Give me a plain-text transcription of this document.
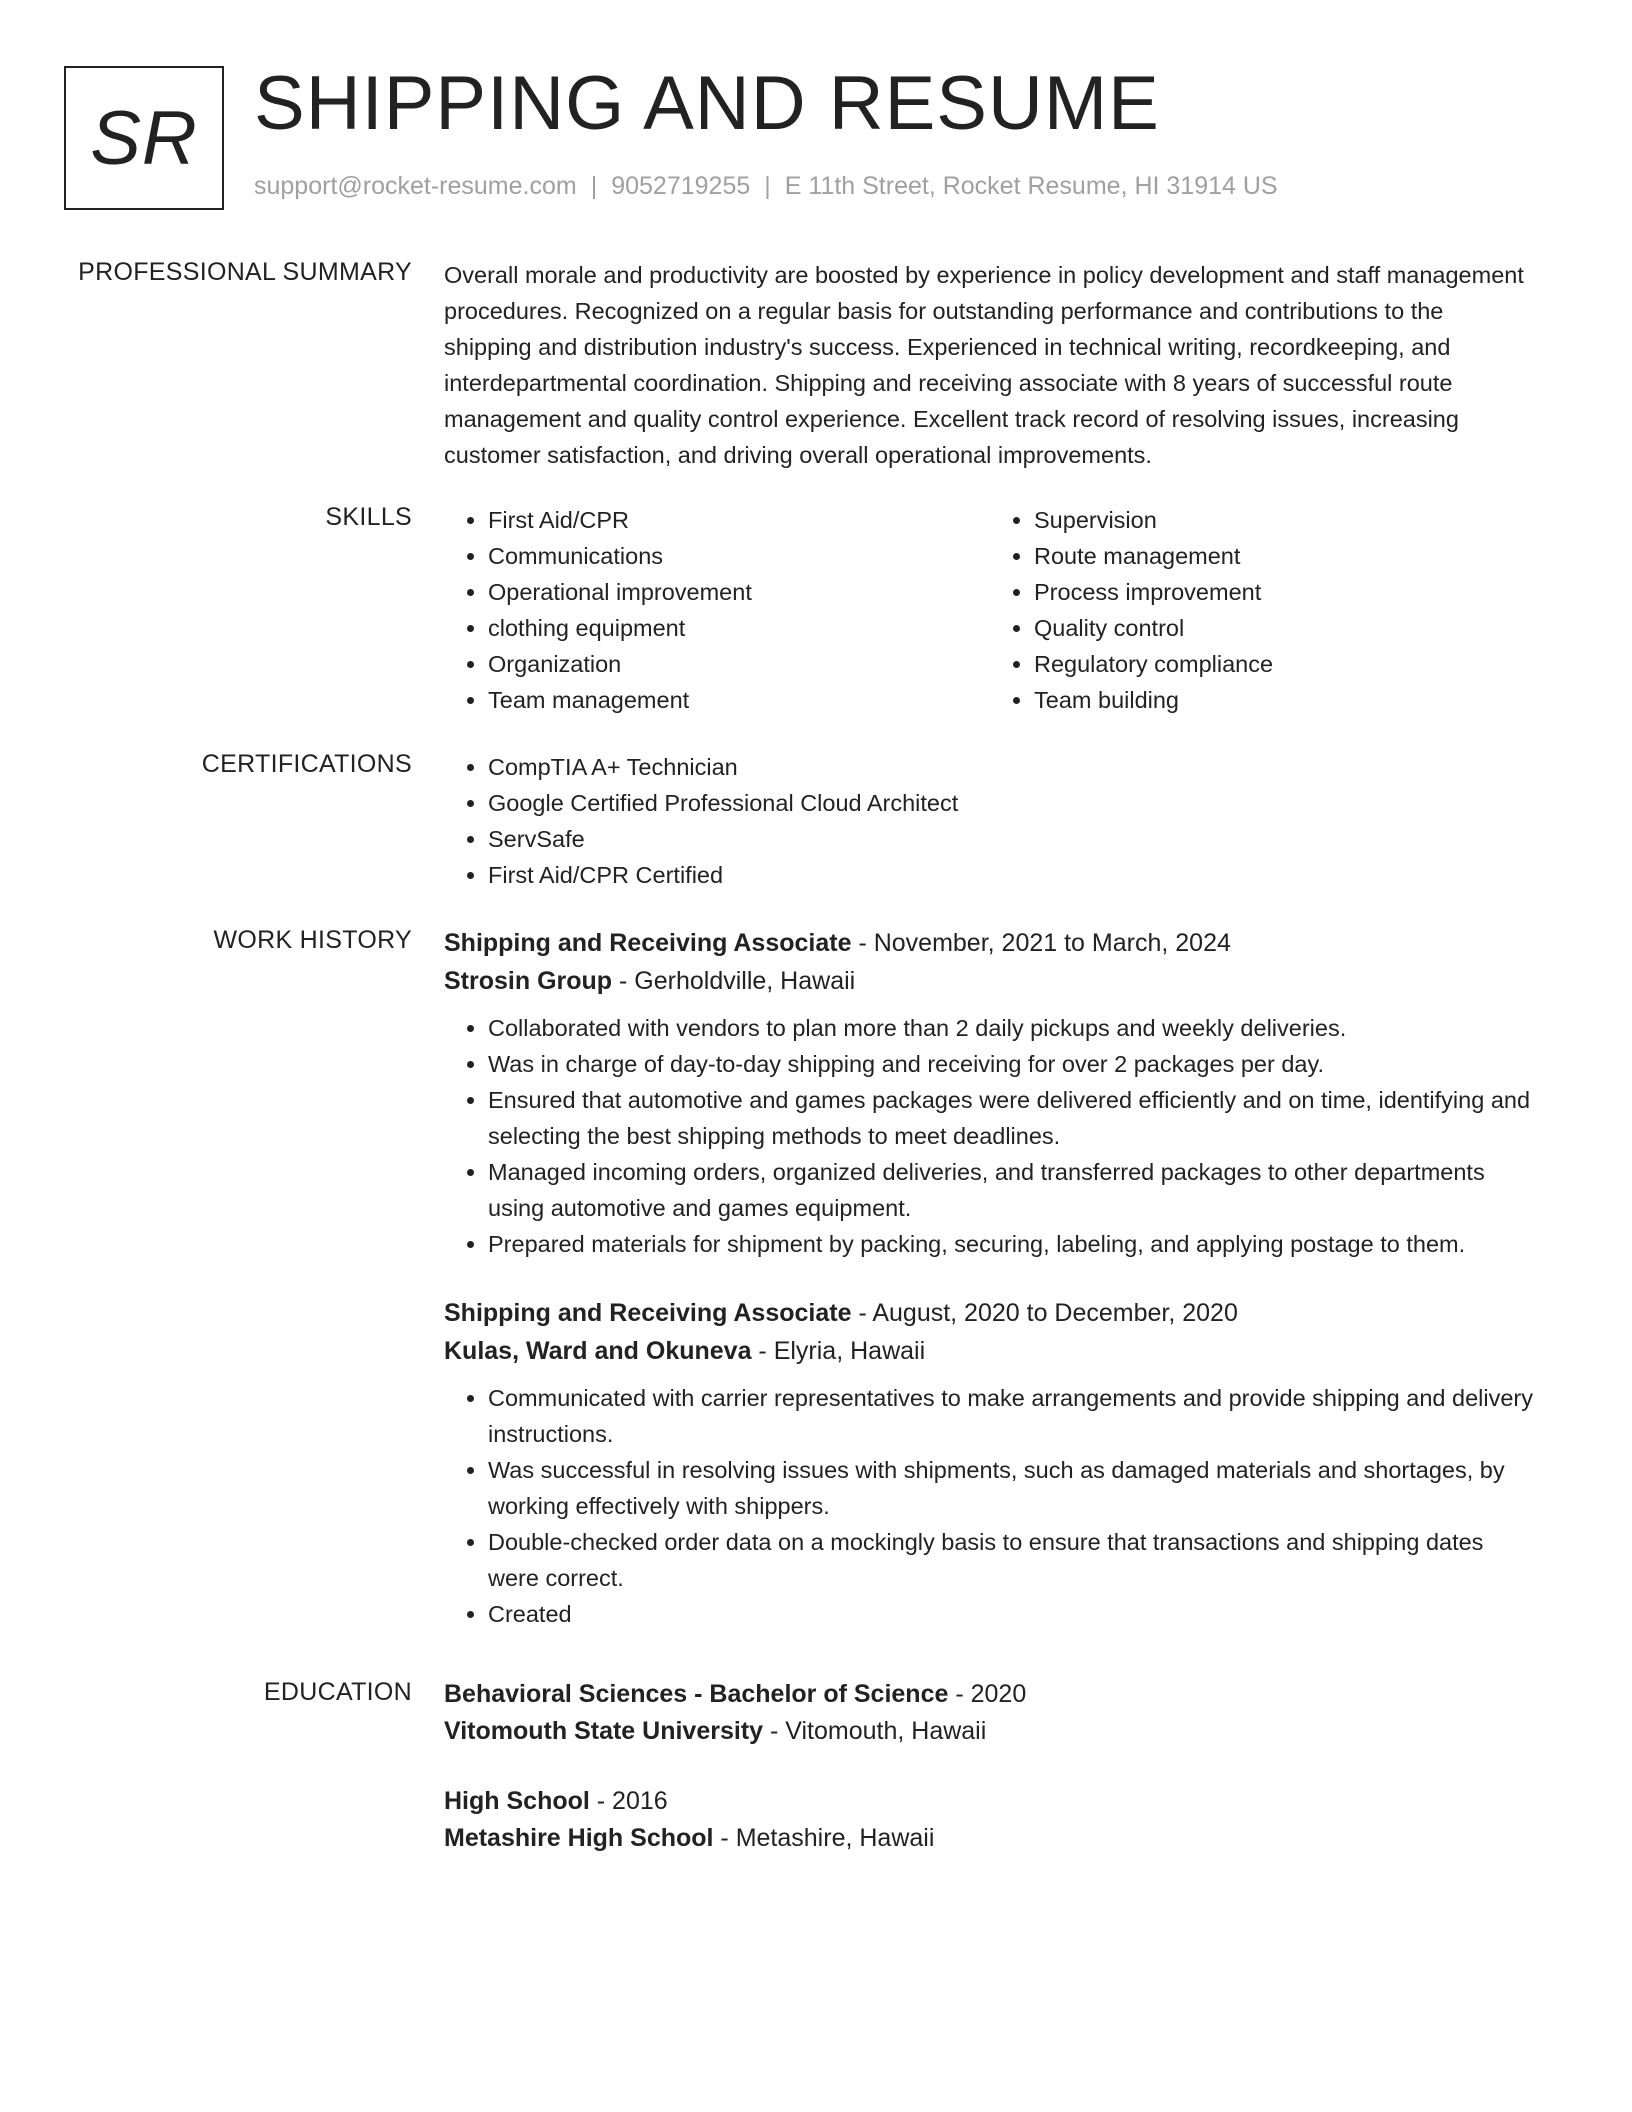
SR SHIPPING AND RESUME
support@rocket-resume.com | 9052719255 | E 11th Street, Rocket Resume, HI 31914 US
PROFESSIONAL SUMMARY Overall morale and productivity are boosted by experience in policy development and staff management procedures. Recognized on a regular basis for outstanding performance and contributions to the shipping and distribution industry's success. Experienced in technical writing, recordkeeping, and interdepartmental coordination. Shipping and receiving associate with 8 years of successful route management and quality control experience. Excellent track record of resolving issues, increasing customer satisfaction, and driving overall operational improvements.

SKILLS	• First Aid/CPR
• Communications
• Operational improvement
• clothing equipment
• Organization
• Team management
• Supervision
• Route management
• Process improvement
• Quality control
• Regulatory compliance
• Team building
CERTIFICATIONS	• CompTIA A+ Technician
• Google Certified Professional Cloud Architect
• ServSafe
• First Aid/CPR Certified
WORK HISTORY Shipping and Receiving Associate - November, 2021 to March, 2024

Strosin Group - Gerholdville, Hawaii

• Collaborated with vendors to plan more than 2 daily pickups and weekly deliveries.
• Was in charge of day-to-day shipping and receiving for over 2 packages per day.
• Ensured that automotive and games packages were delivered efficiently and on time, identifying and selecting the best shipping methods to meet deadlines.
• Managed incoming orders, organized deliveries, and transferred packages to other departments using automotive and games equipment.
• Prepared materials for shipment by packing, securing, labeling, and applying postage to them.

Shipping and Receiving Associate - August, 2020 to December, 2020

Kulas, Ward and Okuneva - Elyria, Hawaii

• Communicated with carrier representatives to make arrangements and provide shipping and delivery instructions.
• Was successful in resolving issues with shipments, such as damaged materials and shortages, by working effectively with shippers.
• Double-checked order data on a mockingly basis to ensure that transactions and shipping dates were correct.
• Created
EDUCATION Behavioral Sciences - Bachelor of Science - 2020

Vitomouth State University - Vitomouth, Hawaii

High School - 2016

Metashire High School - Metashire, Hawaii
